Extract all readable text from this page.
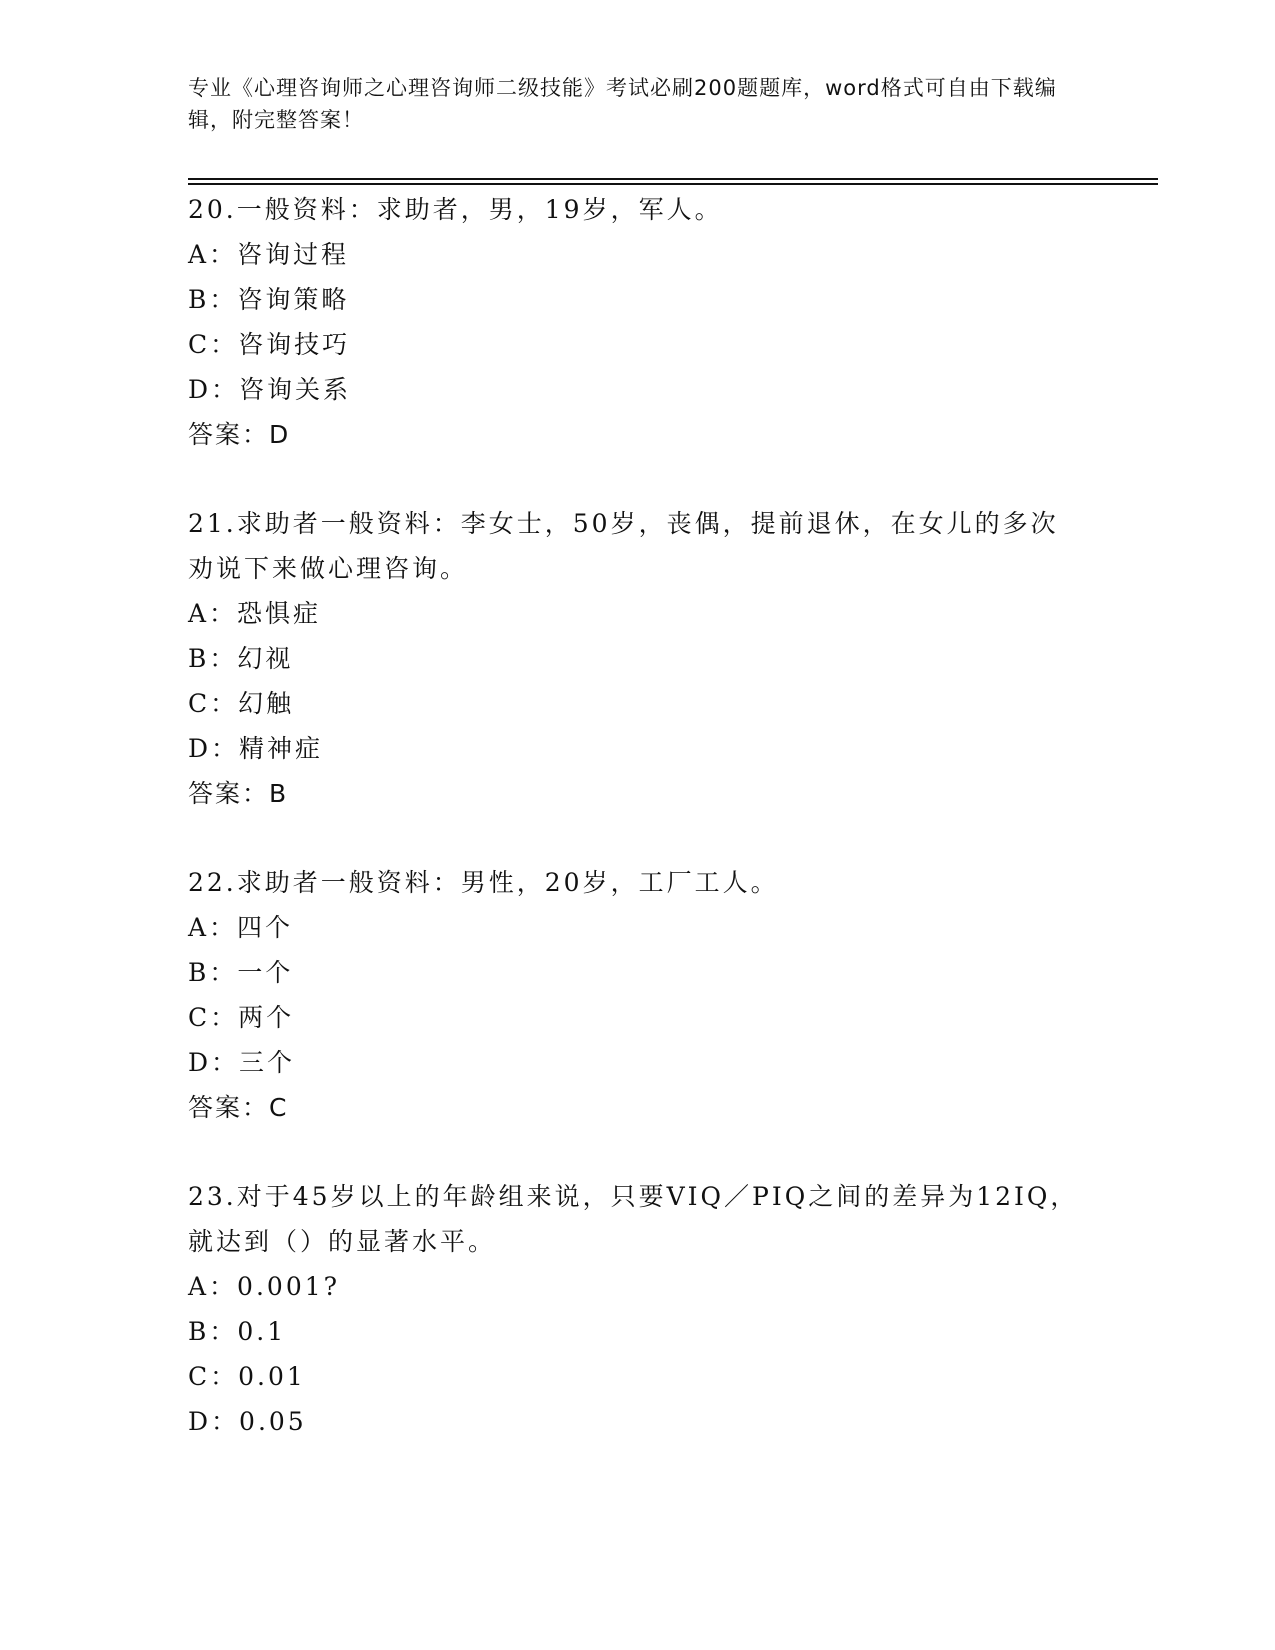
专业《心理咨询师之心理咨询师二级技能》考试必刷200题题库，word格式可自由下载编辑，附完整答案！
20.一般资料：求助者，男，19岁，军人。
A：咨询过程
B：咨询策略
C：咨询技巧
D：咨询关系
答案：D
21.求助者一般资料：李女士，50岁，丧偶，提前退休，在女儿的多次
劝说下来做心理咨询。
A：恐惧症
B：幻视
C：幻触
D：精神症
答案：B
22.求助者一般资料：男性，20岁，工厂工人。
A：四个
B：一个
C：两个
D：三个
答案：C
23.对于45岁以上的年龄组来说，只要VIQ／PIQ之间的差异为12IQ，
就达到（）的显著水平。
A：0.001?
B：0.1
C：0.01
D：0.05
